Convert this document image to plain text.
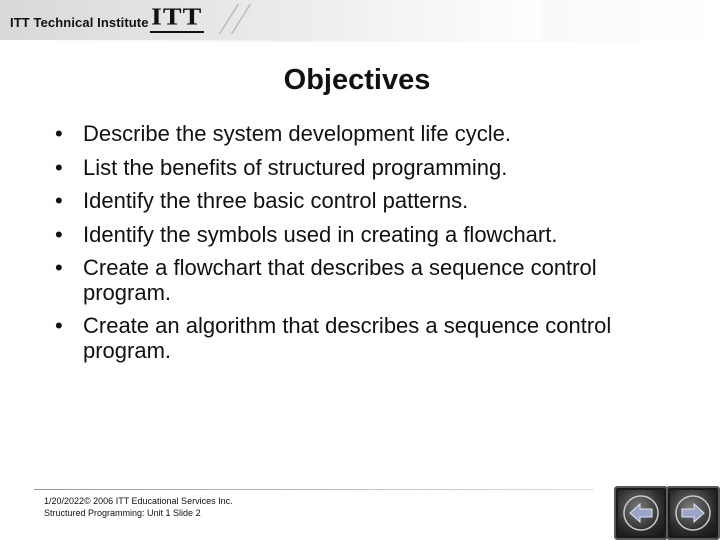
ITT Technical Institute ITT
Objectives
• Describe the system development life cycle.
• List the benefits of structured programming.
• Identify the three basic control patterns.
• Identify the symbols used in creating a flowchart.
• Create a flowchart that describes a sequence control program.
• Create an algorithm that describes a sequence control program.
1/20/2022© 2006 ITT Educational Services Inc.
Structured Programming: Unit 1 Slide 2
